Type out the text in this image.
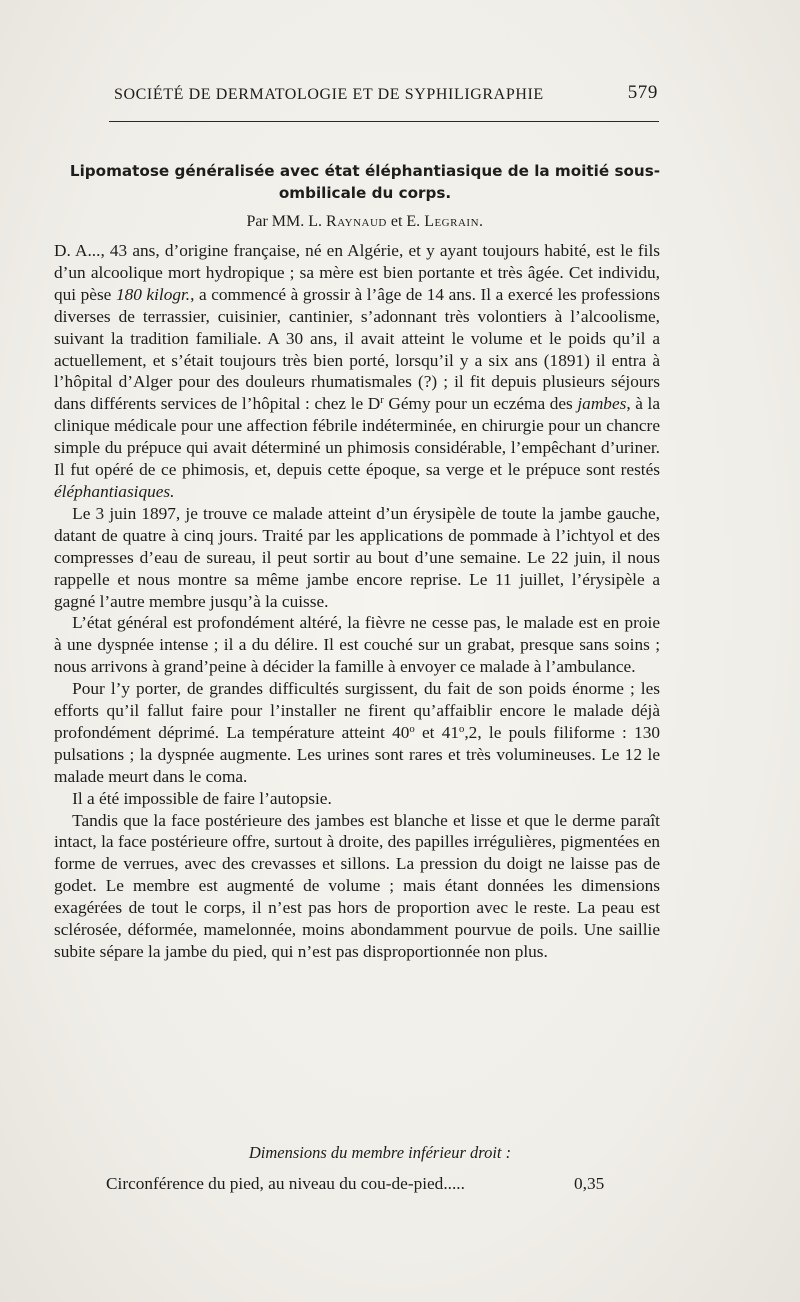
SOCIÉTÉ DE DERMATOLOGIE ET DE SYPHILIGRAPHIE	579
Lipomatose généralisée avec état éléphantiasique de la moitié sous-ombilicale du corps.
Par MM. L. Raynaud et E. Legrain.

D. A..., 43 ans, d’origine française, né en Algérie, et y ayant toujours habité, est le fils d’un alcoolique mort hydropique ; sa mère est bien portante et très âgée. Cet individu, qui pèse 180 kilogr., a commencé à grossir à l’âge de 14 ans. Il a exercé les professions diverses de terrassier, cuisinier, cantinier, s’adonnant très volontiers à l’alcoolisme, suivant la tradition familiale. A 30 ans, il avait atteint le volume et le poids qu’il a actuellement, et s’était toujours très bien porté, lorsqu’il y a six ans (1891) il entra à l’hôpital d’Alger pour des douleurs rhumatismales (?) ; il fit depuis plusieurs séjours dans différents services de l’hôpital : chez le $D^r$ Gémy pour un eczéma des jambes, à la clinique médicale pour une affection fébrile indéterminée, en chirurgie pour un chancre simple du prépuce qui avait déterminé un phimosis considérable, l’empêchant d’uriner. Il fut opéré de ce phimosis, et, depuis cette époque, sa verge et le prépuce sont restés éléphantiasiques.

Le 3 juin 1897, je trouve ce malade atteint d’un érysipèle de toute la jambe gauche, datant de quatre à cinq jours. Traité par les applications de pommade à l’ichtyol et des compresses d’eau de sureau, il peut sortir au bout d’une semaine. Le 22 juin, il nous rappelle et nous montre sa même jambe encore reprise. Le 11 juillet, l’érysipèle a gagné l’autre membre jusqu’à la cuisse.

L’état général est profondément altéré, la fièvre ne cesse pas, le malade est en proie à une dyspnée intense ; il a du délire. Il est couché sur un grabat, presque sans soins ; nous arrivons à grand’peine à décider la famille à envoyer ce malade à l’ambulance.

Pour l’y porter, de grandes difficultés surgissent, du fait de son poids énorme ; les efforts qu’il fallut faire pour l’installer ne firent qu’affaiblir encore le malade déjà profondément déprimé. La température atteint 40$^o$ et 41$^o$,2, le pouls filiforme : 130 pulsations ; la dyspnée augmente. Les urines sont rares et très volumineuses. Le 12 le malade meurt dans le coma.

Il a été impossible de faire l’autopsie.

Tandis que la face postérieure des jambes est blanche et lisse et que le derme paraît intact, la face postérieure offre, surtout à droite, des papilles irrégulières, pigmentées en forme de verrues, avec des crevasses et sillons. La pression du doigt ne laisse pas de godet. Le membre est augmenté de volume ; mais étant données les dimensions exagérées de tout le corps, il n’est pas hors de proportion avec le reste. La peau est sclérosée, déformée, mamelonnée, moins abondamment pourvue de poils. Une saillie subite sépare la jambe du pied, qui n’est pas disproportionnée non plus.

Dimensions du membre inférieur droit :
Circonférence du pied, au niveau du cou-de-pied.....	0,35
